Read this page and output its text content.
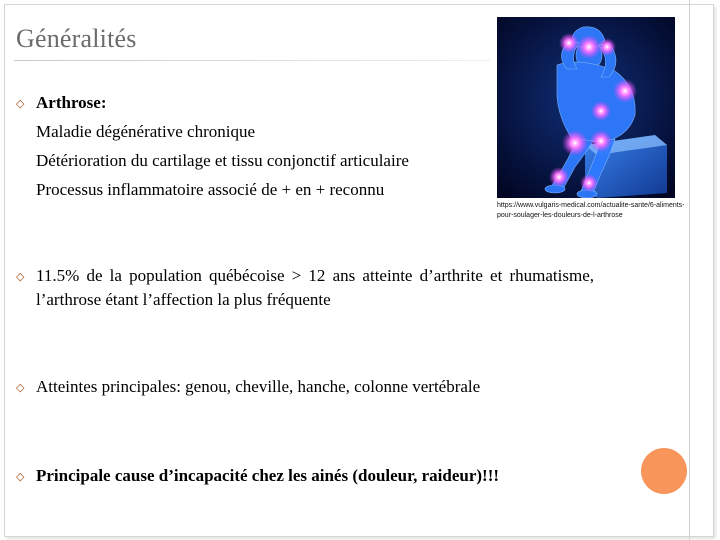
Généralités
◇ Arthrose:
Maladie dégénérative chronique
Détérioration du cartilage et tissu conjonctif articulaire
Processus inflammatoire associé de + en + reconnu
◇ 11.5% de la population québécoise > 12 ans atteinte d’arthrite et rhumatisme, l’arthrose étant l’affection la plus fréquente
◇ Atteintes principales: genou, cheville, hanche, colonne vertébrale
◇ Principale cause d’incapacité chez les ainés (douleur, raideur)!!!
https://www.vulgaris-medical.com/actualite-sante/6-aliments-pour-soulager-les-douleurs-de-l-arthrose
